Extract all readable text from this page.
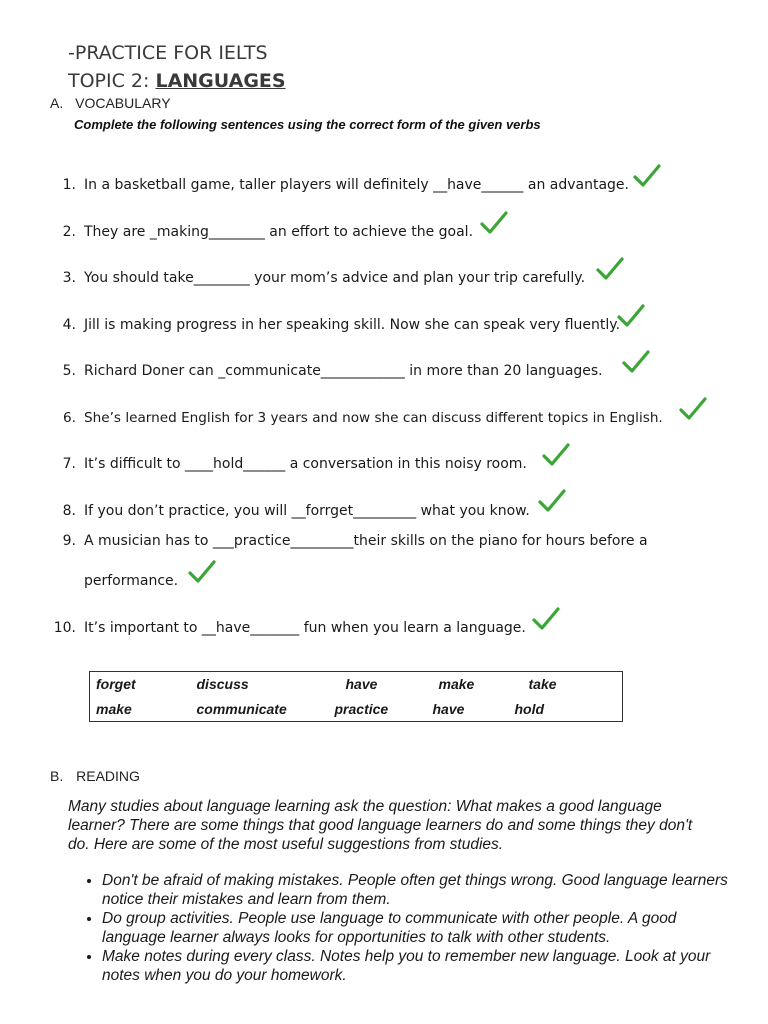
-PRACTICE FOR IELTS
TOPIC 2: LANGUAGES
A. VOCABULARY
Complete the following sentences using the correct form of the given verbs
1. In a basketball game, taller players will definitely __have______ an advantage.
2. They are _making________ an effort to achieve the goal.
3. You should take________ your mom’s advice and plan your trip carefully.
4. Jill is making progress in her speaking skill. Now she can speak very fluently.
5. Richard Doner can _communicate____________ in more than 20 languages.
6. She’s learned English for 3 years and now she can discuss different topics in English.
7. It’s difficult to ____hold______ a conversation in this noisy room.
8. If you don’t practice, you will __forrget_________ what you know.
9. A musician has to ___practice_________their skills on the piano for hours before a
performance.
10. It’s important to __have_______ fun when you learn a language.
forget	discuss	have	make	take
make	communicate	practice	have	hold
B. READING
Many studies about language learning ask the question: What makes a good language learner? There are some things that good language learners do and some things they don't do. Here are some of the most useful suggestions from studies.
• Don't be afraid of making mistakes. People often get things wrong. Good language learners notice their mistakes and learn from them.
• Do group activities. People use language to communicate with other people. A good language learner always looks for opportunities to talk with other students.
• Make notes during every class. Notes help you to remember new language. Look at your notes when you do your homework.
